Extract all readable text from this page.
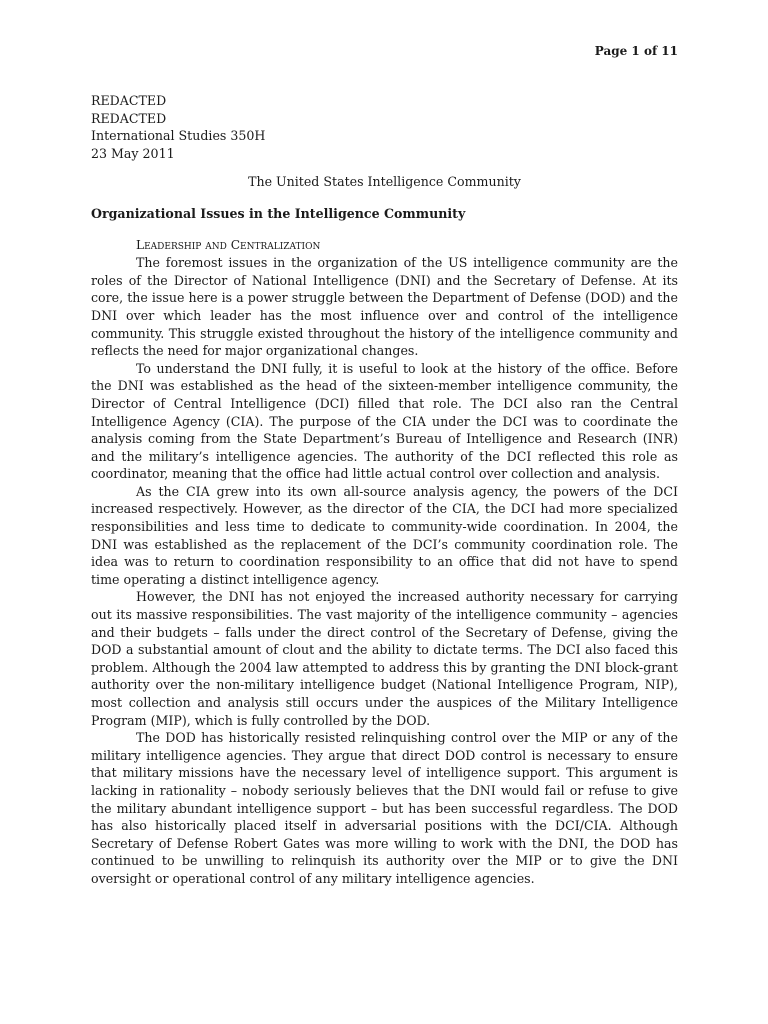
Page 1 of 11

REDACTED

REDACTED

International Studies 350H

23 May 2011

The United States Intelligence Community

Organizational Issues in the Intelligence Community

Leadership and Centralization

The foremost issues in the organization of the US intelligence community are the roles of the Director of National Intelligence (DNI) and the Secretary of Defense. At its core, the issue here is a power struggle between the Department of Defense (DOD) and the DNI over which leader has the most influence over and control of the intelligence community. This struggle existed throughout the history of the intelligence community and reflects the need for major organizational changes.

To understand the DNI fully, it is useful to look at the history of the office. Before the DNI was established as the head of the sixteen-member intelligence community, the Director of Central Intelligence (DCI) filled that role. The DCI also ran the Central Intelligence Agency (CIA). The purpose of the CIA under the DCI was to coordinate the analysis coming from the State Department’s Bureau of Intelligence and Research (INR) and the military’s intelligence agencies. The authority of the DCI reflected this role as coordinator, meaning that the office had little actual control over collection and analysis.

As the CIA grew into its own all-source analysis agency, the powers of the DCI increased respectively. However, as the director of the CIA, the DCI had more specialized responsibilities and less time to dedicate to community-wide coordination. In 2004, the DNI was established as the replacement of the DCI’s community coordination role. The idea was to return to coordination responsibility to an office that did not have to spend time operating a distinct intelligence agency.

However, the DNI has not enjoyed the increased authority necessary for carrying out its massive responsibilities. The vast majority of the intelligence community – agencies and their budgets – falls under the direct control of the Secretary of Defense, giving the DOD a substantial amount of clout and the ability to dictate terms. The DCI also faced this problem. Although the 2004 law attempted to address this by granting the DNI block-grant authority over the non-military intelligence budget (National Intelligence Program, NIP), most collection and analysis still occurs under the auspices of the Military Intelligence Program (MIP), which is fully controlled by the DOD.

The DOD has historically resisted relinquishing control over the MIP or any of the military intelligence agencies. They argue that direct DOD control is necessary to ensure that military missions have the necessary level of intelligence support. This argument is lacking in rationality – nobody seriously believes that the DNI would fail or refuse to give the military abundant intelligence support – but has been successful regardless. The DOD has also historically placed itself in adversarial positions with the DCI/CIA. Although Secretary of Defense Robert Gates was more willing to work with the DNI, the DOD has continued to be unwilling to relinquish its authority over the MIP or to give the DNI oversight or operational control of any military intelligence agencies.
